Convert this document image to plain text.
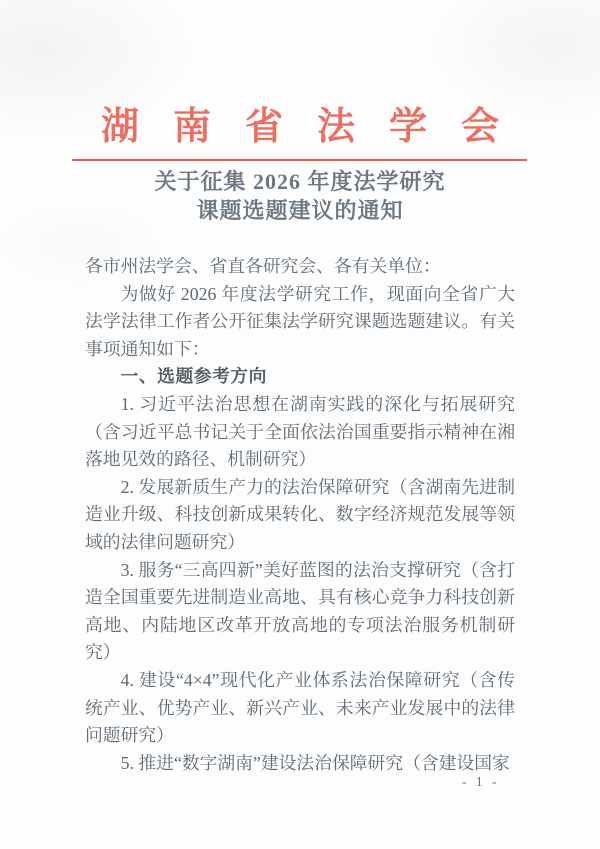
湖南省法学会
关于征集 2026 年度法学研究
课题选题建议的通知

各市州法学会、省直各研究会、各有关单位：

为做好 2026 年度法学研究工作，现面向全省广大法学法律工作者公开征集法学研究课题选题建议。有关事项通知如下：

一、选题参考方向

1. 习近平法治思想在湖南实践的深化与拓展研究（含习近平总书记关于全面依法治国重要指示精神在湘落地见效的路径、机制研究）

2. 发展新质生产力的法治保障研究（含湖南先进制造业升级、科技创新成果转化、数字经济规范发展等领域的法律问题研究）

3. 服务“三高四新”美好蓝图的法治支撑研究（含打造全国重要先进制造业高地、具有核心竞争力科技创新高地、内陆地区改革开放高地的专项法治服务机制研究）

4. 建设“4×4”现代化产业体系法治保障研究（含传统产业、优势产业、新兴产业、未来产业发展中的法律问题研究）

5. 推进“数字湖南”建设法治保障研究（含建设国家

- 1 -
